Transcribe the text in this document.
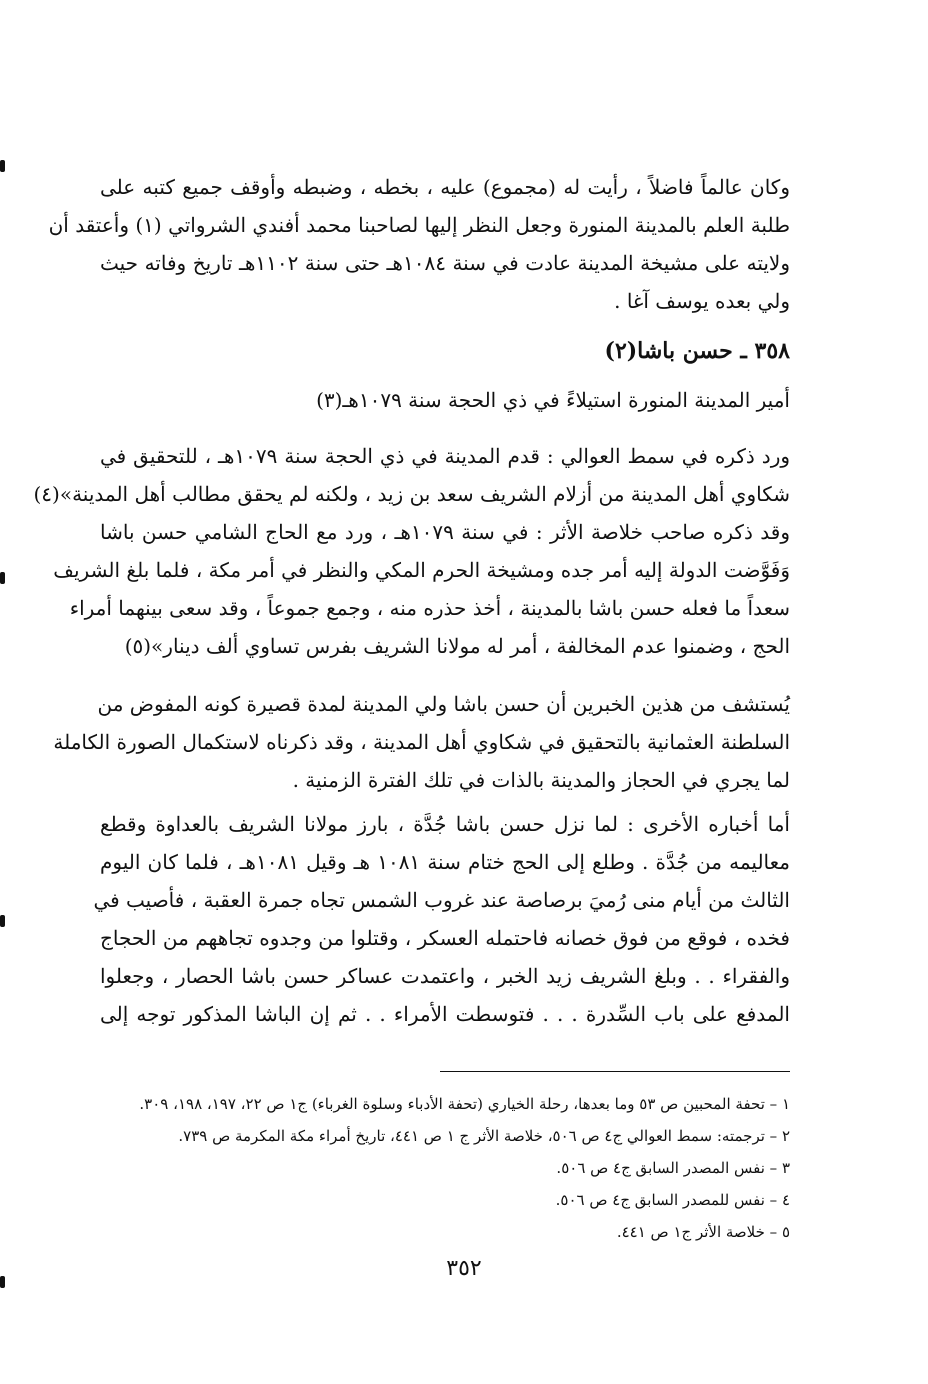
وكان عالماً فاضلاً ، رأيت له (مجموع) عليه ، بخطه ، وضبطه وأوقف جميع كتبه على
طلبة العلم بالمدينة المنورة وجعل النظر إليها لصاحبنا محمد أفندي الشرواتي (١) وأعتقد أن
ولايته على مشيخة المدينة عادت في سنة ١٠٨٤هـ حتى سنة ١١٠٢هـ تاريخ وفاته حيث
ولي بعده يوسف آغا .
٣٥٨ ـ حسن باشا(٢)
أمير المدينة المنورة استيلاءً في ذي الحجة سنة ١٠٧٩هـ(٣)
ورد ذكره في سمط العوالي : قدم المدينة في ذي الحجة سنة ١٠٧٩هـ ، للتحقيق في
شكاوي أهل المدينة من أزلام الشريف سعد بن زيد ، ولكنه لم يحقق مطالب أهل المدينة»(٤)
وقد ذكره صاحب خلاصة الأثر : في سنة ١٠٧٩هـ ، ورد مع الحاج الشامي حسن باشا
وَفَوَّضت الدولة إليه أمر جده ومشيخة الحرم المكي والنظر في أمر مكة ، فلما بلغ الشريف
سعداً ما فعله حسن باشا بالمدينة ، أخذ حذره منه ، وجمع جموعاً ، وقد سعى بينهما أمراء
الحج ، وضمنوا عدم المخالفة ، أمر له مولانا الشريف بفرس تساوي ألف دينار»(٥)
يُستشف من هذين الخبرين أن حسن باشا ولي المدينة لمدة قصيرة كونه المفوض من
السلطنة العثمانية بالتحقيق في شكاوي أهل المدينة ، وقد ذكرناه لاستكمال الصورة الكاملة
لما يجري في الحجاز والمدينة بالذات في تلك الفترة الزمنية .
أما أخباره الأخرى : لما نزل حسن باشا جُدَّة ، بارز مولانا الشريف بالعداوة وقطع
معاليمه من جُدَّة . وطلع إلى الحج ختام سنة ١٠٨١ هـ وقيل ١٠٨١هـ ، فلما كان اليوم
الثالث من أيام منى رُميَ برصاصة عند غروب الشمس تجاه جمرة العقبة ، فأصيب في
فخده ، فوقع من فوق خصانه فاحتمله العسكر ، وقتلوا من وجدوه تجاههم من الحجاج
والفقراء . . وبلغ الشريف زيد الخبر ، واعتمدت عساكر حسن باشا الحصار ، وجعلوا
المدفع على باب السِّدرة . . . فتوسطت الأمراء . . ثم إن الباشا المذكور توجه إلى
١ – تحفة المحبين ص ٥٣ وما بعدها، رحلة الخياري (تحفة الأدباء وسلوة الغرباء) ج١ ص ٢٢، ١٩٧، ١٩٨، ٣٠٩.
٢ – ترجمته: سمط العوالي ج٤ ص ٥٠٦، خلاصة الأثر ج ١ ص ٤٤١، تاريخ أمراء مكة المكرمة ص ٧٣٩.
٣ – نفس المصدر السابق ج٤ ص ٥٠٦.
٤ – نفس للمصدر السابق ج٤ ص ٥٠٦.
٥ – خلاصة الأثر ج١ ص ٤٤١.
٣٥٢
